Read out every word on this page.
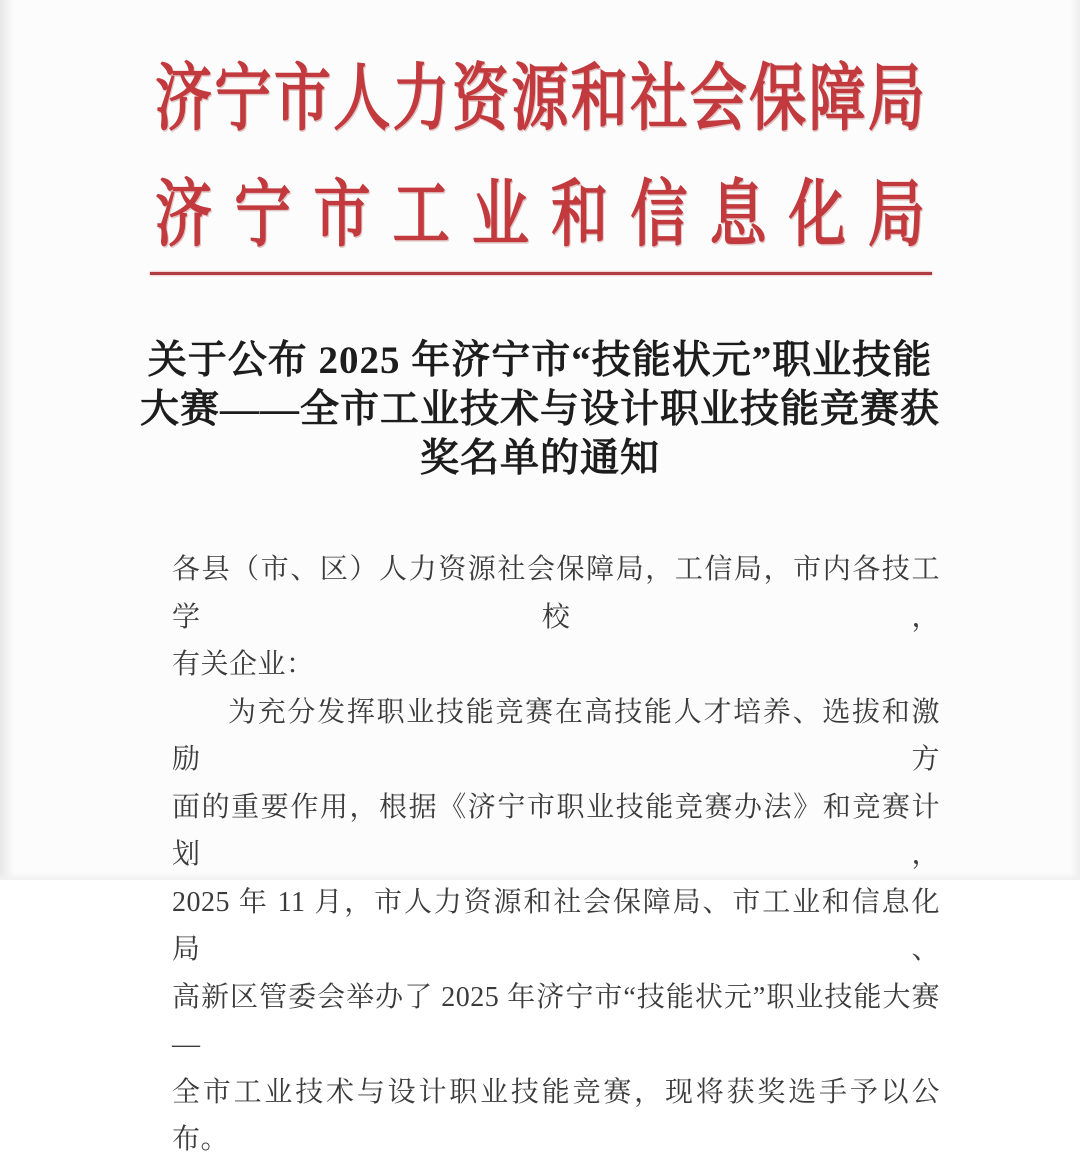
济宁市人力资源和社会保障局
济宁市工业和信息化局
关于公布 2025 年济宁市“技能状元”职业技能
大赛——全市工业技术与设计职业技能竞赛获
奖名单的通知
各县（市、区）人力资源社会保障局，工信局，市内各技工学校，
有关企业：
为充分发挥职业技能竞赛在高技能人才培养、选拔和激励方
面的重要作用，根据《济宁市职业技能竞赛办法》和竞赛计划，
2025 年 11 月，市人力资源和社会保障局、市工业和信息化局、
高新区管委会举办了 2025 年济宁市“技能状元”职业技能大赛—
全市工业技术与设计职业技能竞赛，现将获奖选手予以公布。
